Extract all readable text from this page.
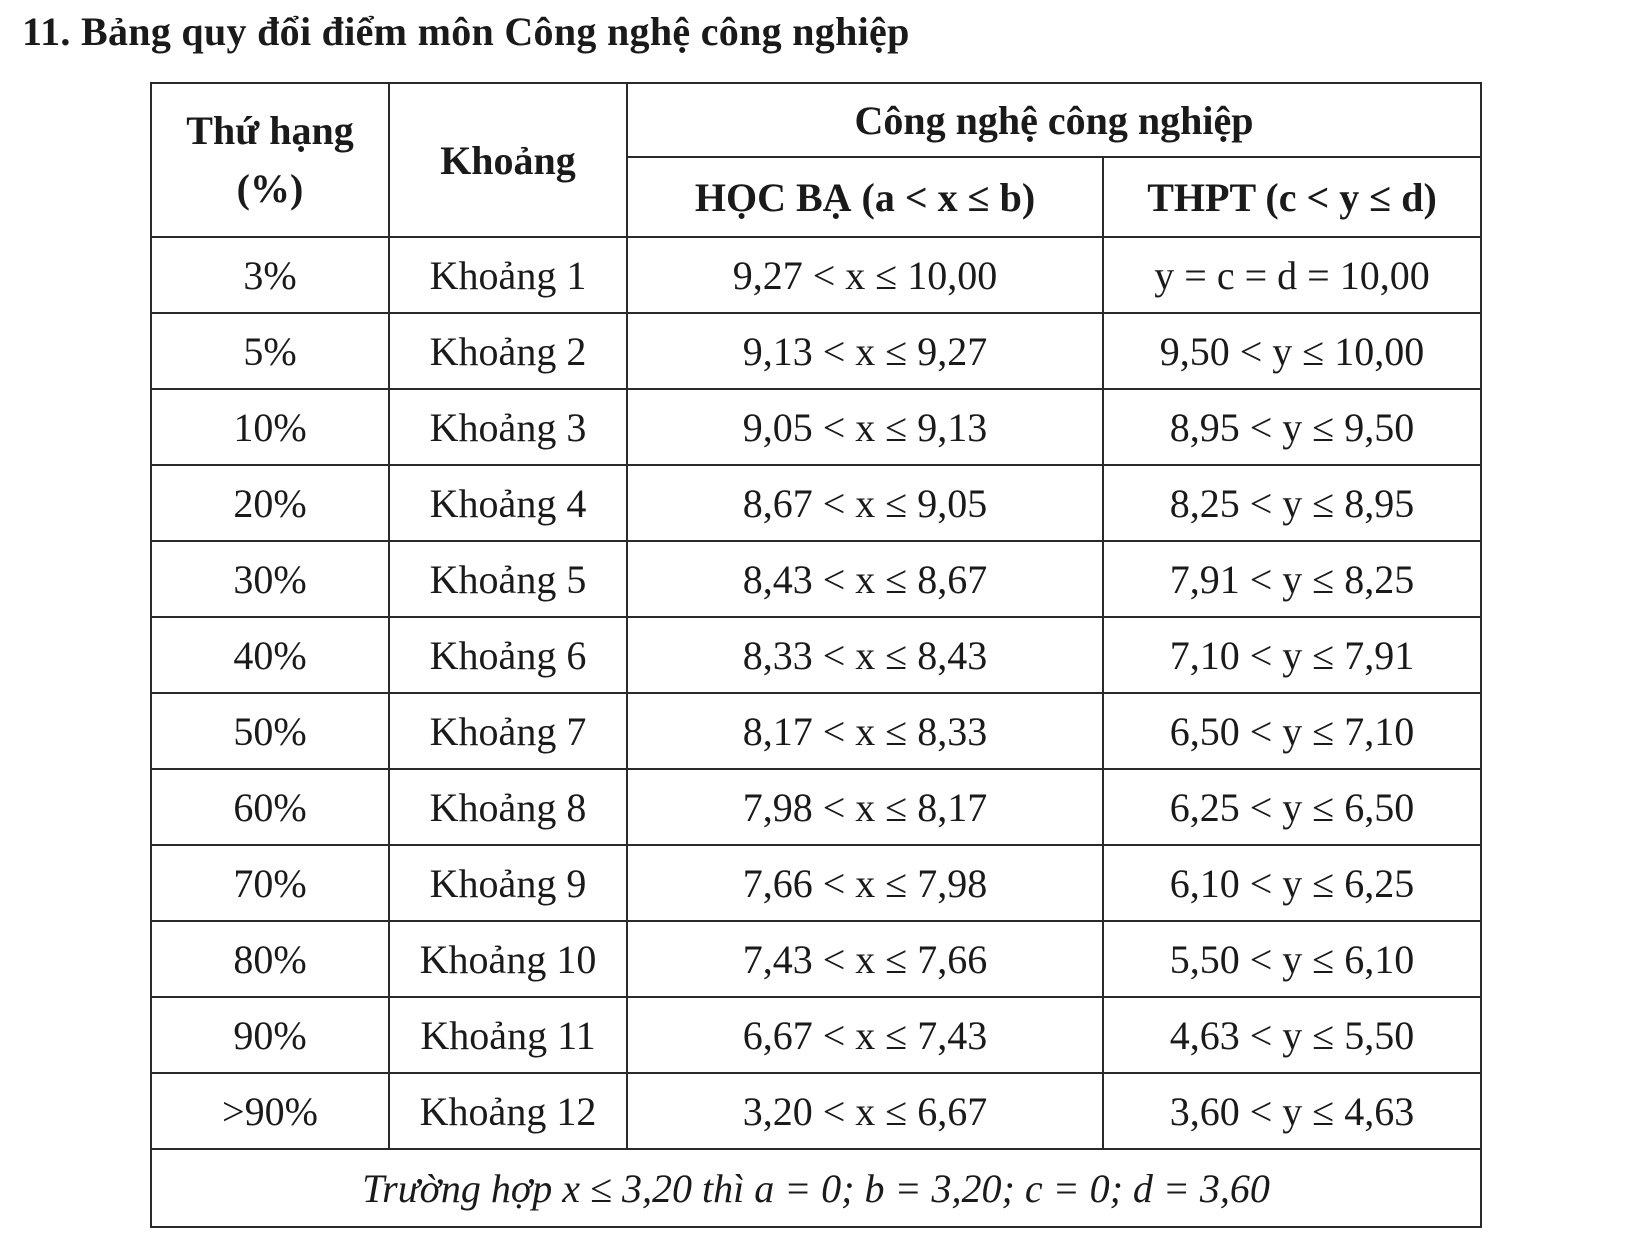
11. Bảng quy đổi điểm môn Công nghệ công nghiệp
Thứ hạng
(%)	Khoảng	Công nghệ công nghiệp	
		HỌC BẠ (a < x ≤ b)	THPT (c < y ≤ d)
3%	Khoảng 1	9,27 < x ≤ 10,00	y = c = d = 10,00
5%	Khoảng 2	9,13 < x ≤ 9,27	9,50 < y ≤ 10,00
10%	Khoảng 3	9,05 < x ≤ 9,13	8,95 < y ≤ 9,50
20%	Khoảng 4	8,67 < x ≤ 9,05	8,25 < y ≤ 8,95
30%	Khoảng 5	8,43 < x ≤ 8,67	7,91 < y ≤ 8,25
40%	Khoảng 6	8,33 < x ≤ 8,43	7,10 < y ≤ 7,91
50%	Khoảng 7	8,17 < x ≤ 8,33	6,50 < y ≤ 7,10
60%	Khoảng 8	7,98 < x ≤ 8,17	6,25 < y ≤ 6,50
70%	Khoảng 9	7,66 < x ≤ 7,98	6,10 < y ≤ 6,25
80%	Khoảng 10	7,43 < x ≤ 7,66	5,50 < y ≤ 6,10
90%	Khoảng 11	6,67 < x ≤ 7,43	4,63 < y ≤ 5,50
>90%	Khoảng 12	3,20 < x ≤ 6,67	3,60 < y ≤ 4,63
Trường hợp x ≤ 3,20 thì a = 0; b = 3,20; c = 0; d = 3,60			
